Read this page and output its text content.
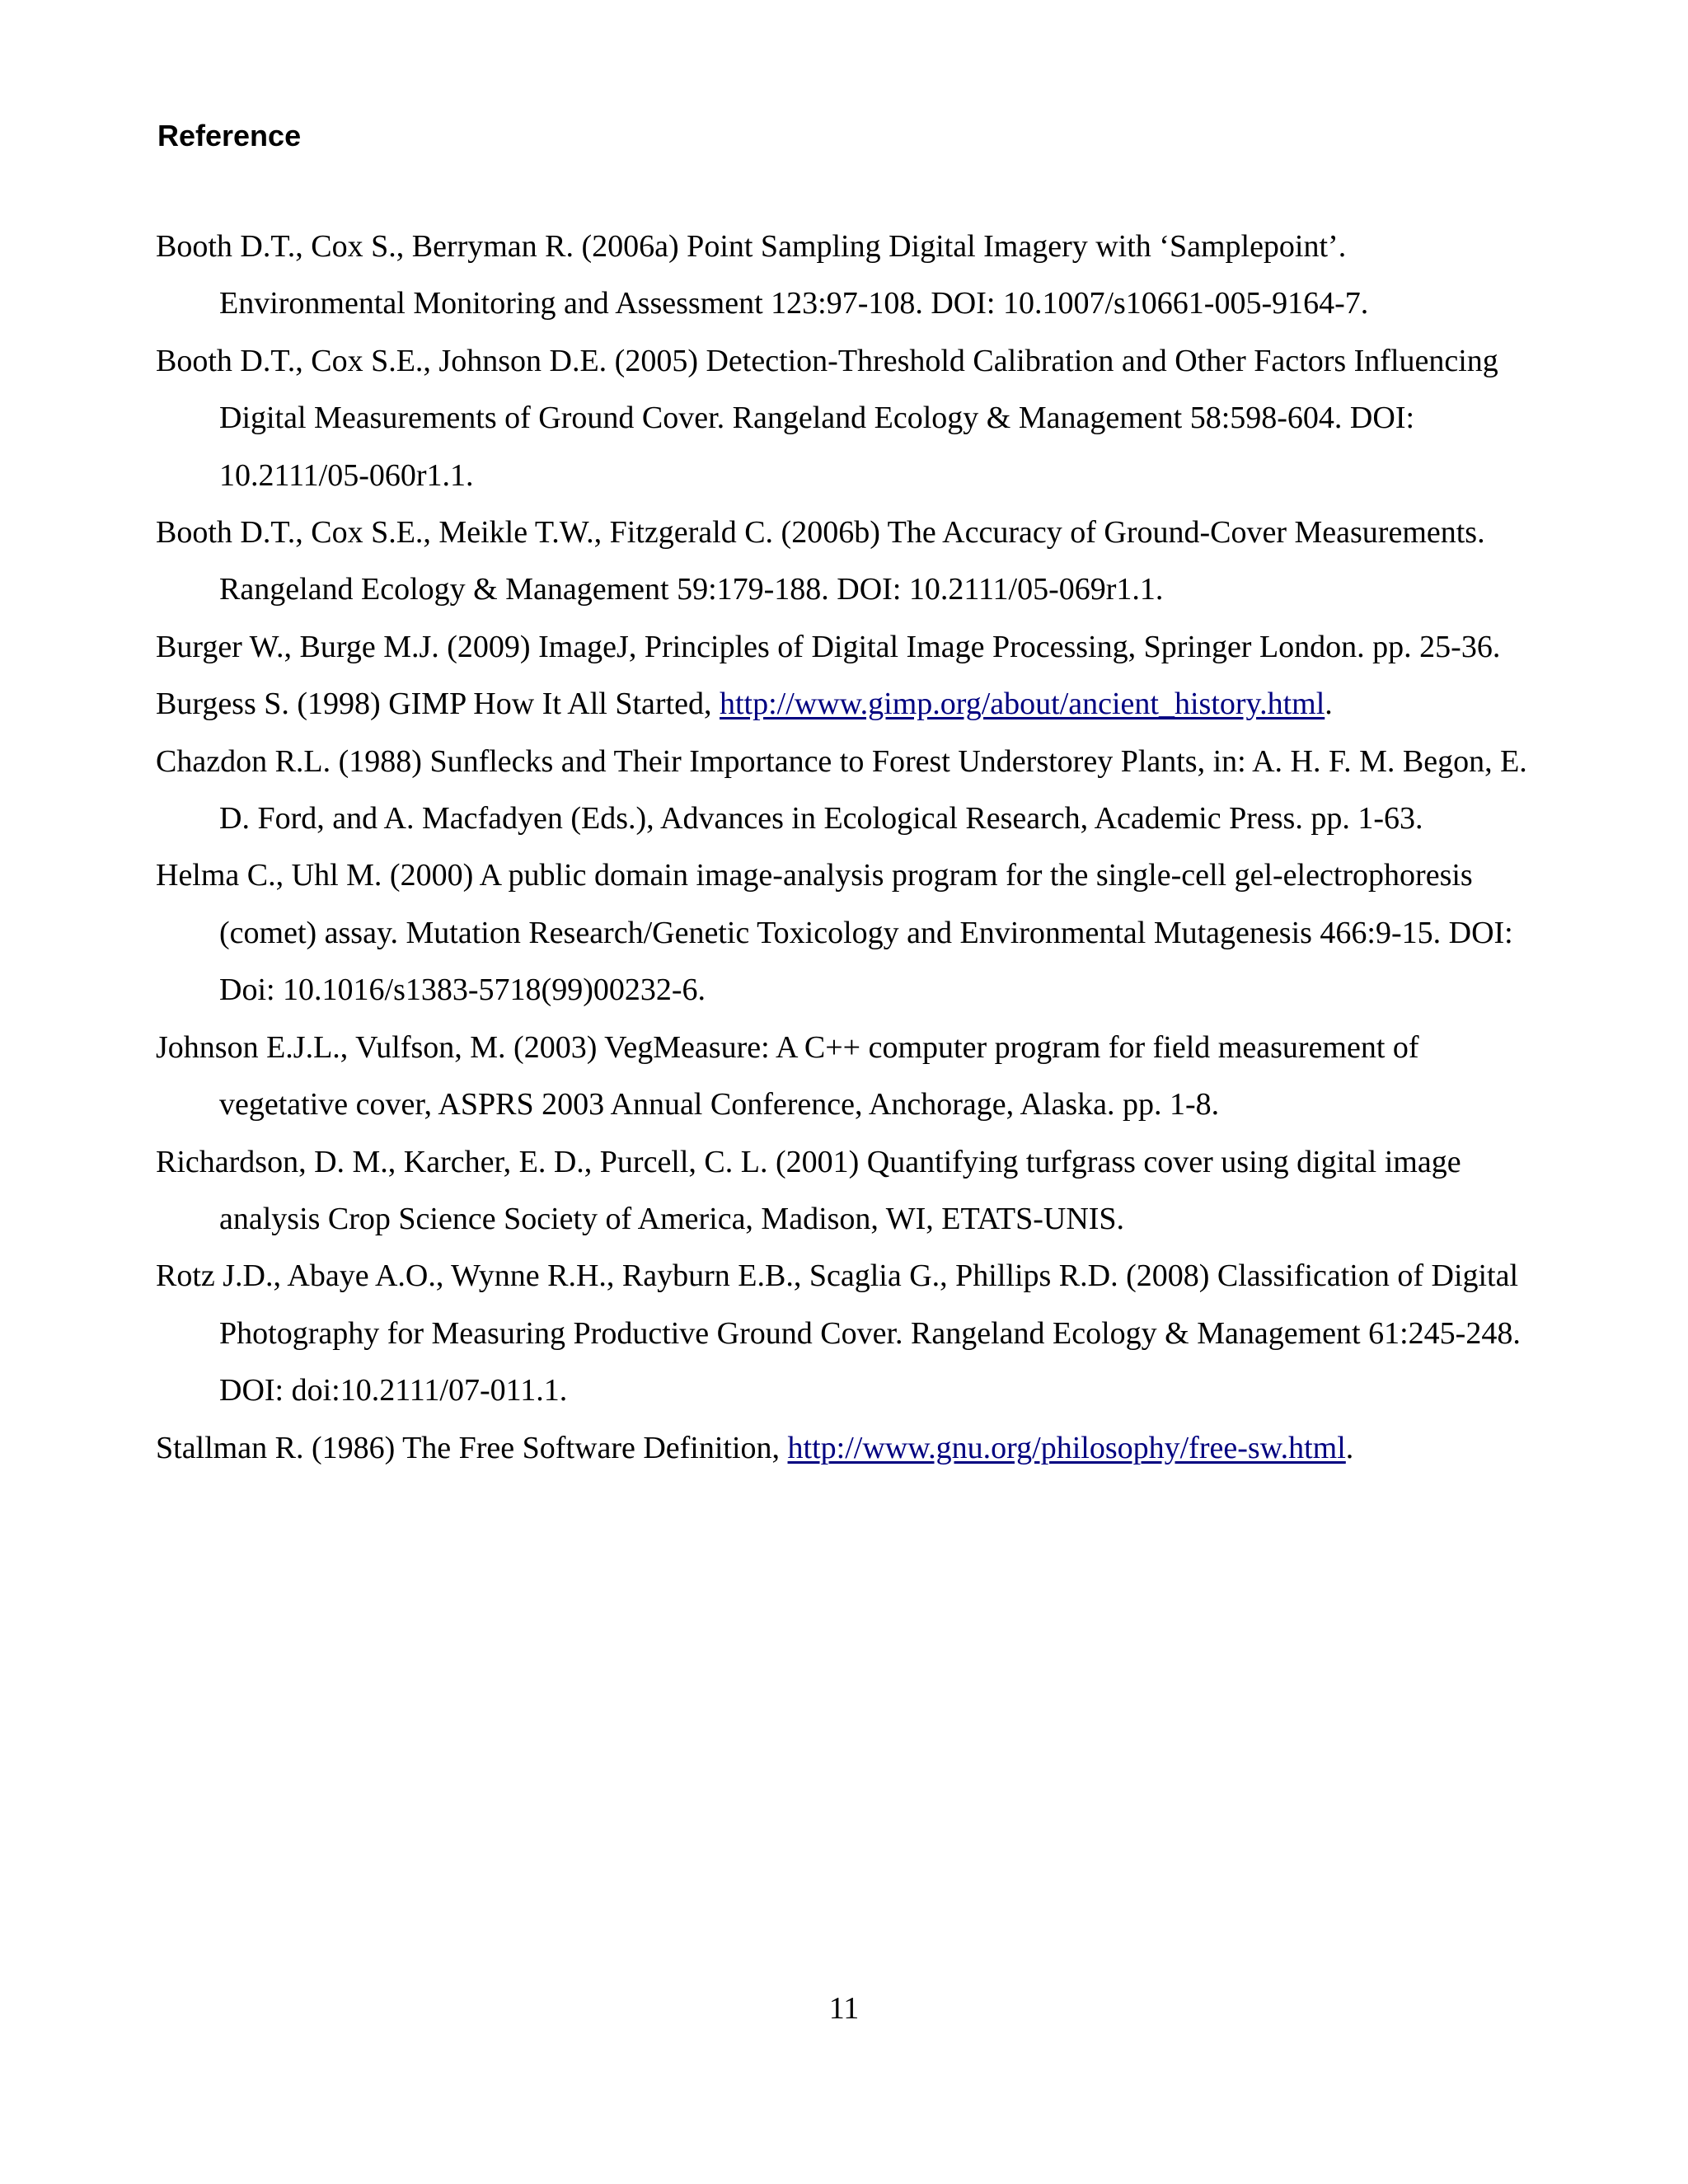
Reference
Booth D.T., Cox S., Berryman R. (2006a) Point Sampling Digital Imagery with ‘Samplepoint’. Environmental Monitoring and Assessment 123:97-108. DOI: 10.1007/s10661-005-9164-7.
Booth D.T., Cox S.E., Johnson D.E. (2005) Detection-Threshold Calibration and Other Factors Influencing Digital Measurements of Ground Cover. Rangeland Ecology & Management 58:598-604. DOI: 10.2111/05-060r1.1.
Booth D.T., Cox S.E., Meikle T.W., Fitzgerald C. (2006b) The Accuracy of Ground-Cover Measurements. Rangeland Ecology & Management 59:179-188. DOI: 10.2111/05-069r1.1.
Burger W., Burge M.J. (2009) ImageJ, Principles of Digital Image Processing, Springer London. pp. 25-36.
Burgess S. (1998) GIMP How It All Started, http://www.gimp.org/about/ancient_history.html.
Chazdon R.L. (1988) Sunflecks and Their Importance to Forest Understorey Plants, in: A. H. F. M. Begon, E. D. Ford, and A. Macfadyen (Eds.), Advances in Ecological Research, Academic Press. pp. 1-63.
Helma C., Uhl M. (2000) A public domain image-analysis program for the single-cell gel-electrophoresis (comet) assay. Mutation Research/Genetic Toxicology and Environmental Mutagenesis 466:9-15. DOI: Doi: 10.1016/s1383-5718(99)00232-6.
Johnson E.J.L., Vulfson, M. (2003) VegMeasure: A C++ computer program for field measurement of vegetative cover, ASPRS 2003 Annual Conference, Anchorage, Alaska. pp. 1-8.
Richardson, D. M., Karcher, E. D., Purcell, C. L. (2001) Quantifying turfgrass cover using digital image analysis Crop Science Society of America, Madison, WI, ETATS-UNIS.
Rotz J.D., Abaye A.O., Wynne R.H., Rayburn E.B., Scaglia G., Phillips R.D. (2008) Classification of Digital Photography for Measuring Productive Ground Cover. Rangeland Ecology & Management 61:245-248. DOI: doi:10.2111/07-011.1.
Stallman R. (1986) The Free Software Definition, http://www.gnu.org/philosophy/free-sw.html.
11
